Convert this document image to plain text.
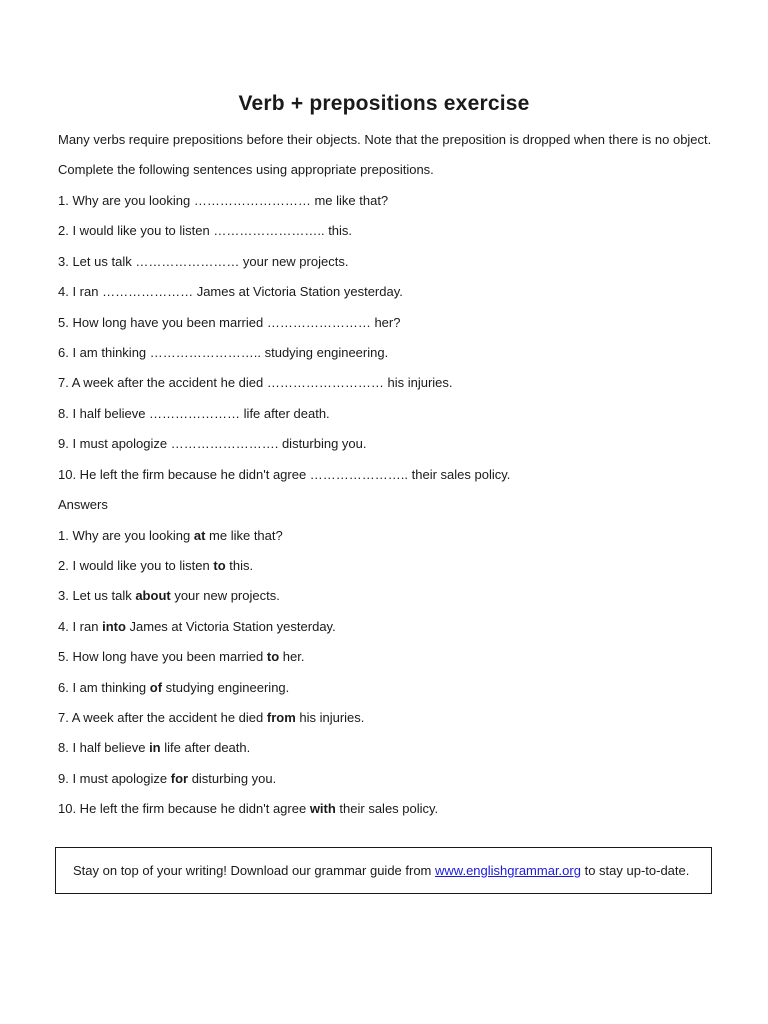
Verb + prepositions exercise
Many verbs require prepositions before their objects. Note that the preposition is dropped when there is no object.
Complete the following sentences using appropriate prepositions.
1. Why are you looking ……………………… me like that?
2. I would like you to listen …………………….. this.
3. Let us talk …………………… your new projects.
4. I ran ………………… James at Victoria Station yesterday.
5. How long have you been married …………………… her?
6. I am thinking …………………….. studying engineering.
7. A week after the accident he died ……………………… his injuries.
8. I half believe ………………… life after death.
9. I must apologize ……………………. disturbing you.
10. He left the firm because he didn't agree ………………….. their sales policy.
Answers
1. Why are you looking at me like that?
2. I would like you to listen to this.
3. Let us talk about your new projects.
4. I ran into James at Victoria Station yesterday.
5. How long have you been married to her.
6. I am thinking of studying engineering.
7. A week after the accident he died from his injuries.
8. I half believe in life after death.
9. I must apologize for disturbing you.
10. He left the firm because he didn't agree with their sales policy.
Stay on top of your writing! Download our grammar guide from www.englishgrammar.org to stay up-to-date.
